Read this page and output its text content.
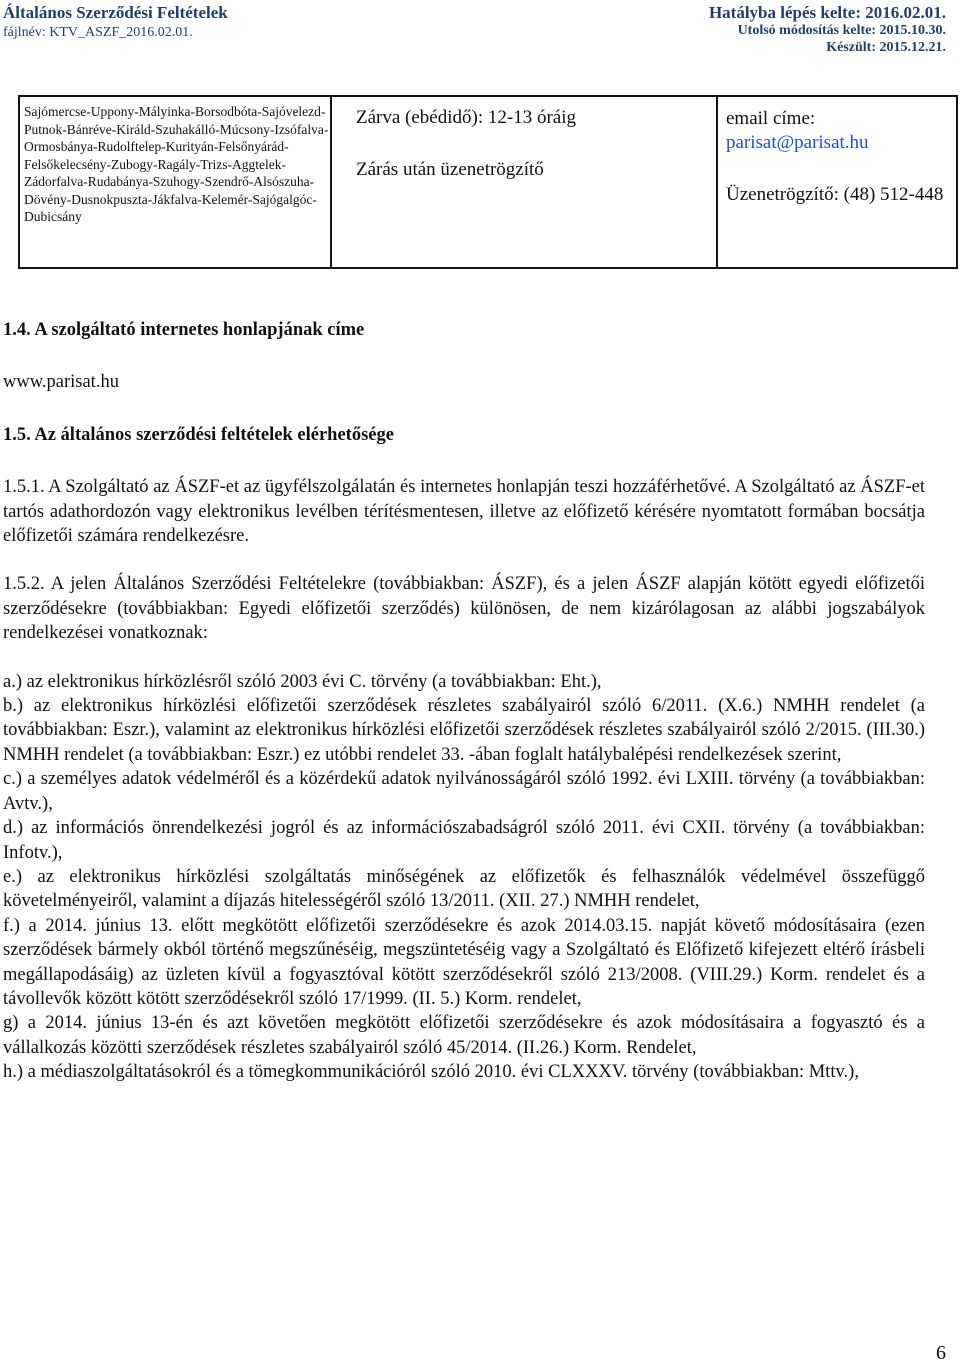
Általános Szerződési Feltételek
fájlnév: KTV_ASZF_2016.02.01.
Hatályba lépés kelte: 2016.02.01.
Utolsó módosítás kelte: 2015.10.30.
Készült: 2015.12.21.
Sajómercse-Uppony-Mályinka-Borsodbóta-Sajóvelezd-Putnok-Bánréve-Királd-Szuhakálló-Múcsony-Izsófalva-Ormosbánya-Rudolftelep-Kurityán-Felsőnyárád-Felsőkelecsény-Zubogy-Ragály-Trizs-Aggtelek-Zádorfalva-Rudabánya-Szuhogy-Szendrő-Alsószuha-Dövény-Dusnokpuszta-Jákfalva-Kelemér-Sajógalgóc-Dubicsány	
Zárva (ebédidő): 12-13 óráig
Zárás után üzenetrögzítő

email címe:
parisat@parisat.hu
Üzenetrögzítő: (48) 512-448

1.4. A szolgáltató internetes honlapjának címe

www.parisat.hu

1.5. Az általános szerződési feltételek elérhetősége

1.5.1. A Szolgáltató az ÁSZF-et az ügyfélszolgálatán és internetes honlapján teszi hozzáférhetővé. A Szolgáltató az ÁSZF-et tartós adathordozón vagy elektronikus levélben térítésmentesen, illetve az előfizető kérésére nyomtatott formában bocsátja előfizetői számára rendelkezésre.

1.5.2. A jelen Általános Szerződési Feltételekre (továbbiakban: ÁSZF), és a jelen ÁSZF alapján kötött egyedi előfizetői szerződésekre (továbbiakban: Egyedi előfizetői szerződés) különösen, de nem kizárólagosan az alábbi jogszabályok rendelkezései vonatkoznak:

a.) az elektronikus hírközlésről szóló 2003 évi C. törvény (a továbbiakban: Eht.),

b.) az elektronikus hírközlési előfizetői szerződések részletes szabályairól szóló 6/2011. (X.6.) NMHH rendelet (a továbbiakban: Eszr.), valamint az elektronikus hírközlési előfizetői szerződések részletes szabályairól szóló 2/2015. (III.30.) NMHH rendelet (a továbbiakban: Eszr.) ez utóbbi rendelet 33. -ában foglalt hatálybalépési rendelkezések szerint,

c.) a személyes adatok védelméről és a közérdekű adatok nyilvánosságáról szóló 1992. évi LXIII. törvény (a továbbiakban: Avtv.),

d.) az információs önrendelkezési jogról és az információszabadságról szóló 2011. évi CXII. törvény (a továbbiakban: Infotv.),

e.) az elektronikus hírközlési szolgáltatás minőségének az előfizetők és felhasználók védelmével összefüggő követelményeiről, valamint a díjazás hitelességéről szóló 13/2011. (XII. 27.) NMHH rendelet,

f.) a 2014. június 13. előtt megkötött előfizetői szerződésekre és azok 2014.03.15. napját követő módosításaira (ezen szerződések bármely okból történő megszűnéséig, megszüntetéséig vagy a Szolgáltató és Előfizető kifejezett eltérő írásbeli megállapodásáig) az üzleten kívül a fogyasztóval kötött szerződésekről szóló 213/2008. (VIII.29.) Korm. rendelet és a távollevők között kötött szerződésekről szóló 17/1999. (II. 5.) Korm. rendelet,

g) a 2014. június 13-én és azt követően megkötött előfizetői szerződésekre és azok módosításaira a fogyasztó és a vállalkozás közötti szerződések részletes szabályairól szóló 45/2014. (II.26.) Korm. Rendelet,

h.) a médiaszolgáltatásokról és a tömegkommunikációról szóló 2010. évi CLXXXV. törvény (továbbiakban: Mttv.),

6
